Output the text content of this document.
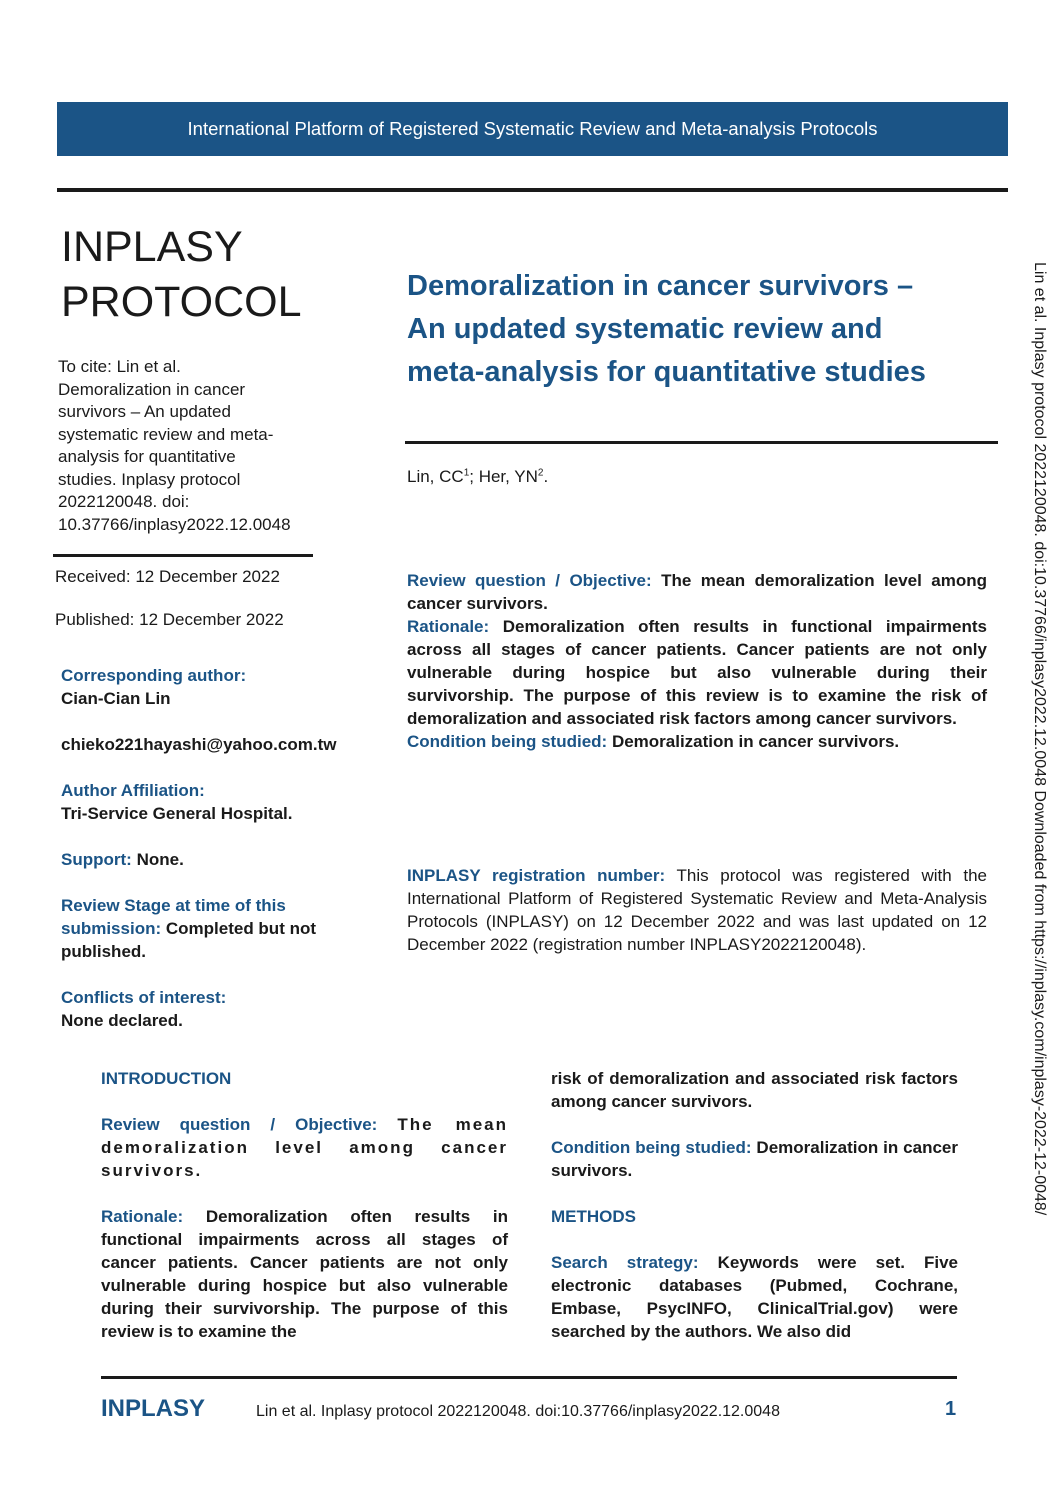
International Platform of Registered Systematic Review and Meta-analysis Protocols
INPLASY
PROTOCOL
To cite: Lin et al.
Demoralization in cancer
survivors – An updated
systematic review and meta-
analysis for quantitative
studies. Inplasy protocol
2022120048. doi:
10.37766/inplasy2022.12.0048
Received: 12 December 2022
Published: 12 December 2022

Corresponding author:

Cian-Cian Lin

chieko221hayashi@yahoo.com.tw

Author Affiliation:

Tri-Service General Hospital.

Support: None.

Review Stage at time of this

submission: Completed but not published.

Conflicts of interest:

None declared.

Demoralization in cancer survivors –
An updated systematic review and
meta-analysis for quantitative studies
Lin, $CC^1$; Her, $YN^2$.

Review question / Objective: The mean demoralization level among cancer survivors.

Rationale: Demoralization often results in functional impairments across all stages of cancer patients. Cancer patients are not only vulnerable during hospice but also vulnerable during their survivorship. The purpose of this review is to examine the risk of demoralization and associated risk factors among cancer survivors.

Condition being studied: Demoralization in cancer survivors.

INPLASY registration number: This protocol was registered with the International Platform of Registered Systematic Review and Meta-Analysis Protocols (INPLASY) on 12 December 2022 and was last updated on 12 December 2022 (registration number INPLASY2022120048).

INTRODUCTION

Review question / Objective: The mean demoralization level among cancer survivors.

Rationale: Demoralization often results in functional impairments across all stages of cancer patients. Cancer patients are not only vulnerable during hospice but also vulnerable during their survivorship. The purpose of this review is to examine the

risk of demoralization and associated risk factors among cancer survivors.

Condition being studied: Demoralization in cancer survivors.

METHODS

Search strategy: Keywords were set. Five electronic databases (Pubmed, Cochrane, Embase, PsycINFO, ClinicalTrial.gov) were searched by the authors. We also did

INPLASY	Lin et al. Inplasy protocol 2022120048. doi:10.37766/inplasy2022.12.0048	1
Lin et al. Inplasy protocol 2022120048. doi:10.37766/inplasy2022.12.0048 Downloaded from https://inplasy.com/inplasy-2022-12-0048/
